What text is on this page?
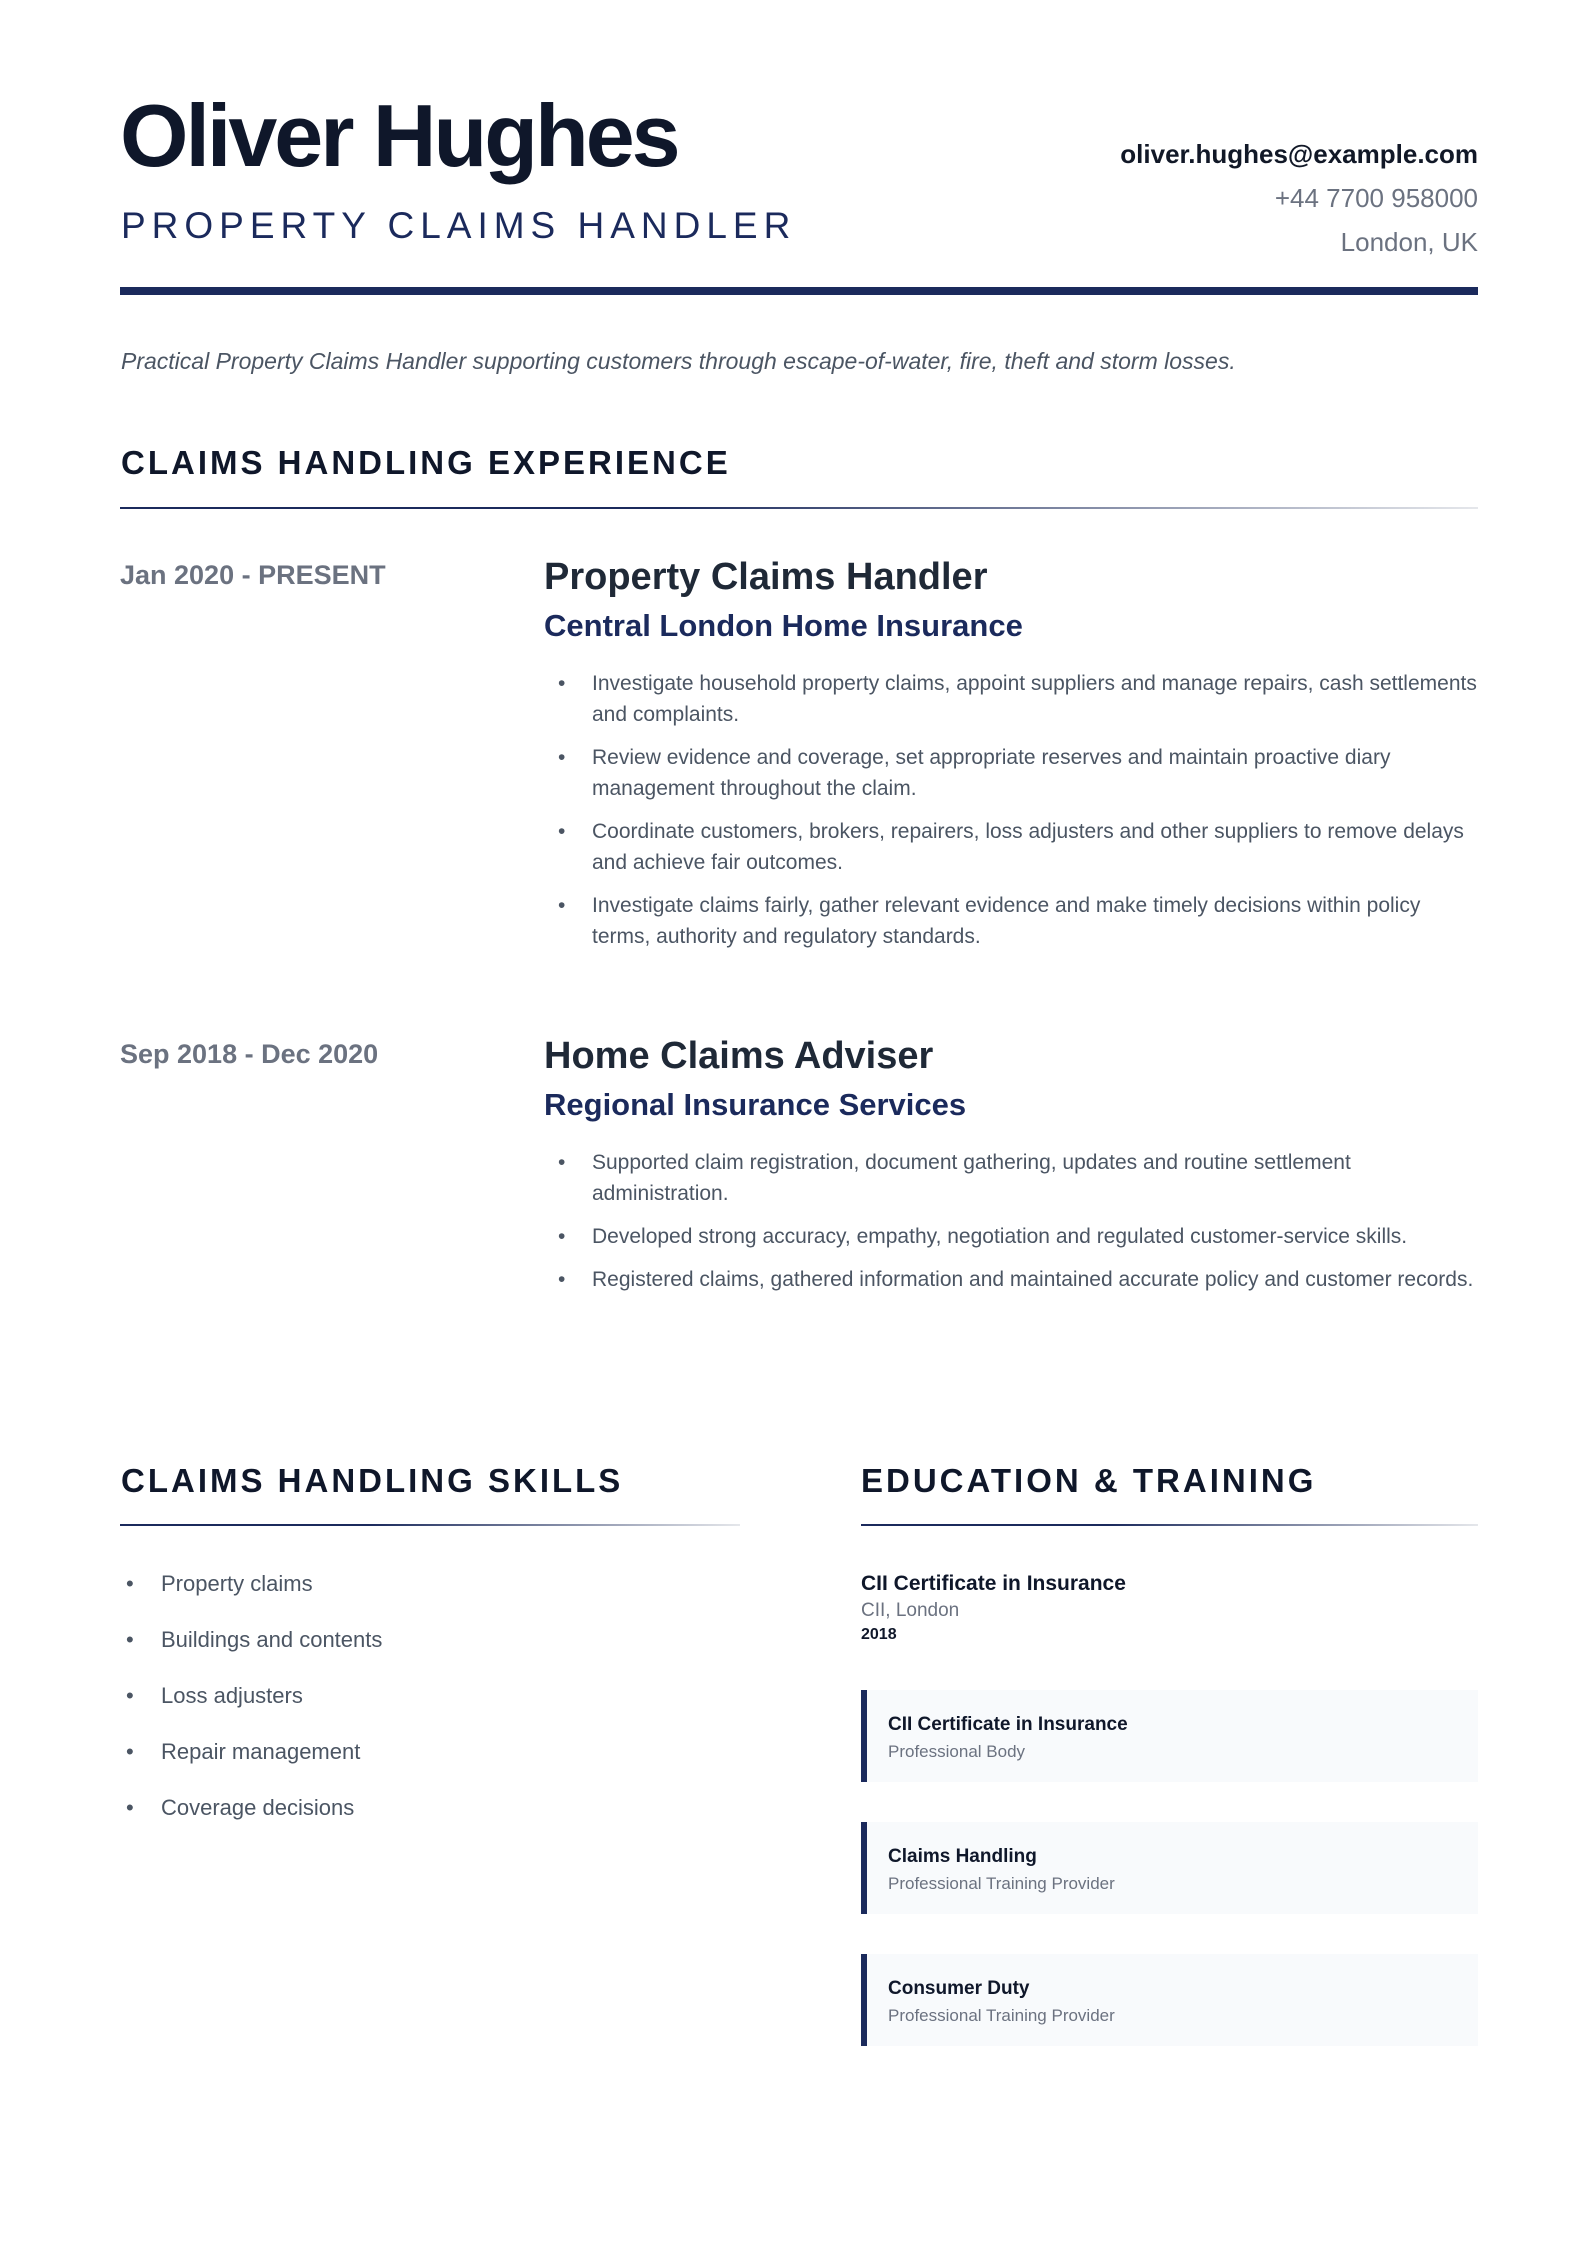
Oliver Hughes
PROPERTY CLAIMS HANDLER
oliver.hughes@example.com
+44 7700 958000
London, UK
Practical Property Claims Handler supporting customers through escape-of-water, fire, theft and storm losses.
CLAIMS HANDLING EXPERIENCE
Jan 2020 - PRESENT	Property Claims Handler
Central London Home Insurance
• Investigate household property claims, appoint suppliers and manage repairs, cash settlements and complaints.
• Review evidence and coverage, set appropriate reserves and maintain proactive diary management throughout the claim.
• Coordinate customers, brokers, repairers, loss adjusters and other suppliers to remove delays and achieve fair outcomes.
• Investigate claims fairly, gather relevant evidence and make timely decisions within policy terms, authority and regulatory standards.
Sep 2018 - Dec 2020	Home Claims Adviser
Regional Insurance Services
• Supported claim registration, document gathering, updates and routine settlement administration.
• Developed strong accuracy, empathy, negotiation and regulated customer-service skills.
• Registered claims, gathered information and maintained accurate policy and customer records.
CLAIMS HANDLING SKILLS
• Property claims
• Buildings and contents
• Loss adjusters
• Repair management
• Coverage decisions
EDUCATION & TRAINING
CII Certificate in Insurance
CII, London
2018
CII Certificate in Insurance
Professional Body
Claims Handling
Professional Training Provider
Consumer Duty
Professional Training Provider
